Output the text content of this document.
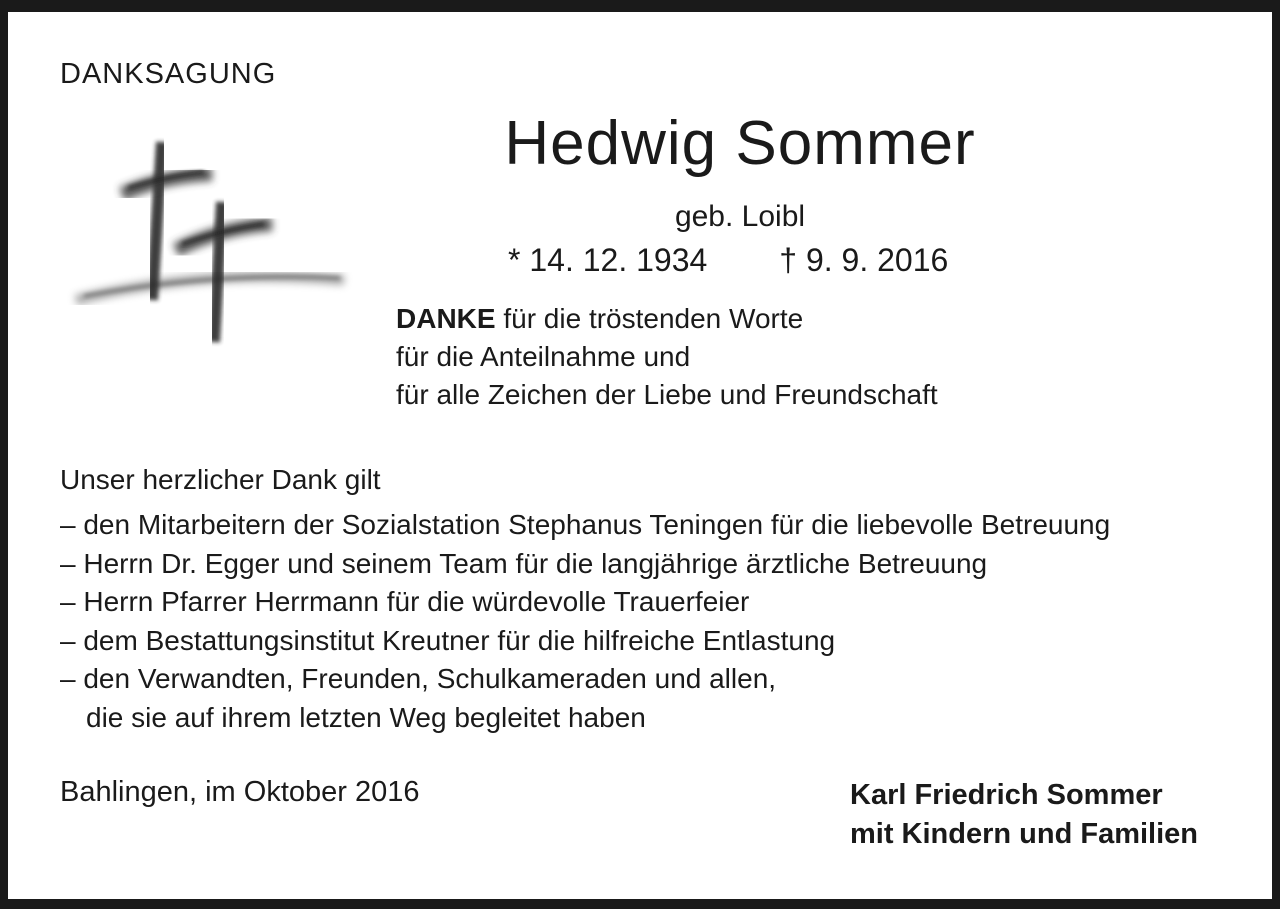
DANKSAGUNG
Hedwig Sommer
geb. Loibl
* 14. 12. 1934 † 9. 9. 2016
DANKE für die tröstenden Worte
für die Anteilnahme und
für alle Zeichen der Liebe und Freundschaft
Unser herzlicher Dank gilt
– den Mitarbeitern der Sozialstation Stephanus Teningen für die liebevolle Betreuung
– Herrn Dr. Egger und seinem Team für die langjährige ärztliche Betreuung
– Herrn Pfarrer Herrmann für die würdevolle Trauerfeier
– dem Bestattungsinstitut Kreutner für die hilfreiche Entlastung
– den Verwandten, Freunden, Schulkameraden und allen,
die sie auf ihrem letzten Weg begleitet haben
Bahlingen, im Oktober 2016	Karl Friedrich Sommer
mit Kindern und Familien
